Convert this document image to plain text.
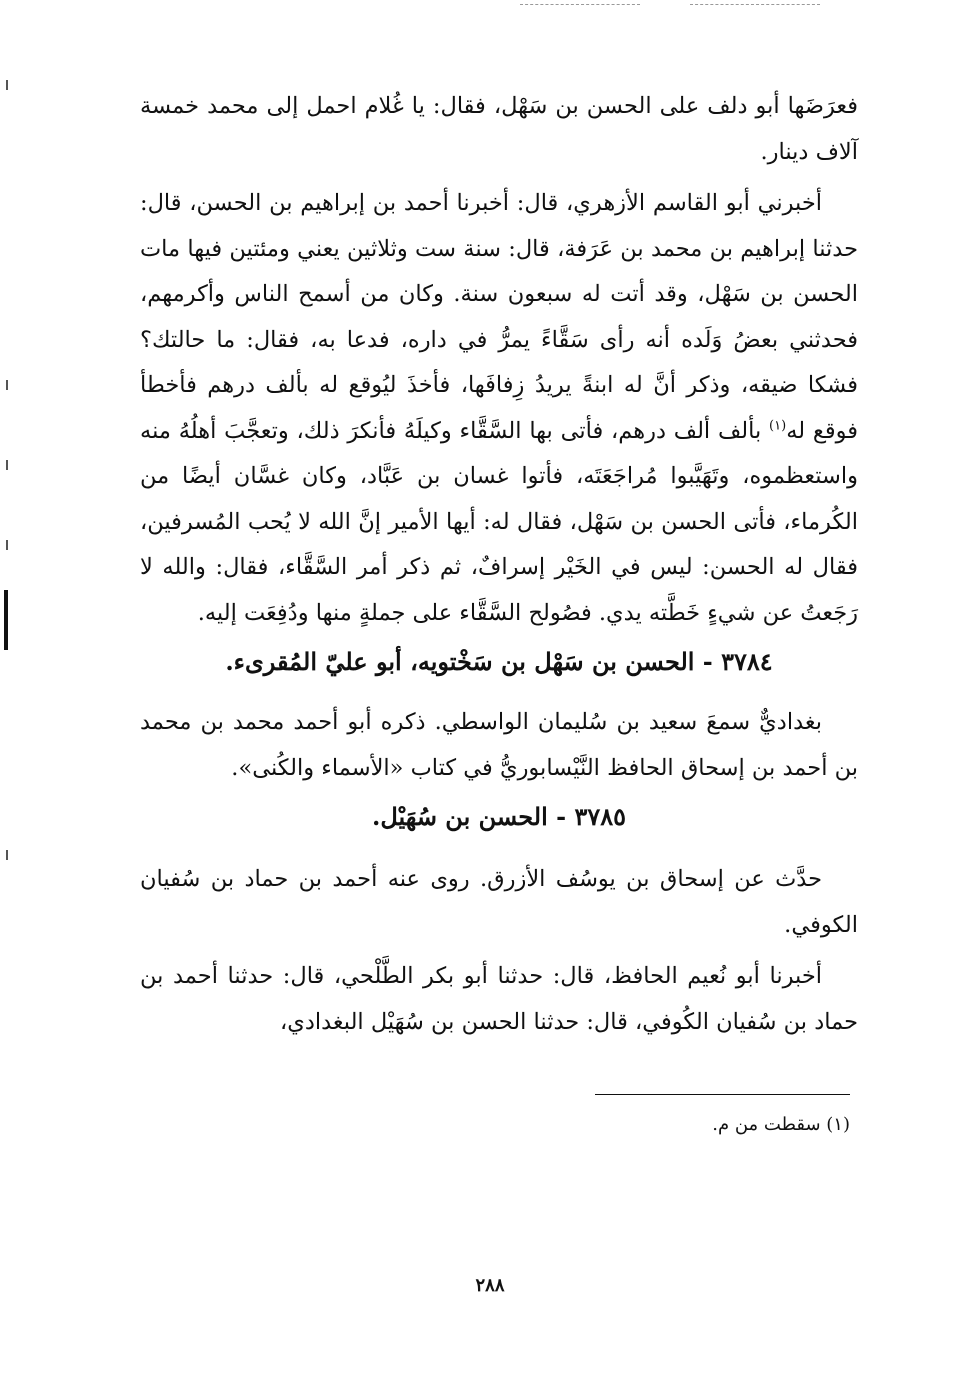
فعرَضَها أبو دلف على الحسن بن سَهْل، فقال: يا غُلام احمل إلى محمد خمسة آلاف دينار.

أخبرني أبو القاسم الأزهري، قال: أخبرنا أحمد بن إبراهيم بن الحسن، قال: حدثنا إبراهيم بن محمد بن عَرَفة، قال: سنة ست وثلاثين يعني ومئتين فيها مات الحسن بن سَهْل، وقد أتت له سبعون سنة. وكان من أسمح الناس وأكرمهم، فحدثني بعضُ وَلَده أنه رأى سَقَّاءً يمرُّ في داره، فدعا به، فقال: ما حالتك؟ فشكا ضيقه، وذكر أنَّ له ابنةً يريدُ زِفافَها، فأخذَ ليُوقع له بألف درهم فأخطأ فوقع له$^{(١)}$ بألف ألف درهم، فأتى بها السَّقَّاء وكيلَهُ فأنكرَ ذلك، وتعجَّبَ أهلُهُ منه واستعظموه، وتَهَيَّبوا مُراجَعَتَه، فأتوا غسان بن عَبَّاد، وكان غسَّان أيضًا من الكُرماء، فأتى الحسن بن سَهْل، فقال له: أيها الأمير إنَّ الله لا يُحب المُسرفين، فقال له الحسن: ليس في الخَيْر إسرافٌ، ثم ذكر أمر السَّقَّاء، فقال: والله لا رَجَعتُ عن شيءٍ خَطَّته يدي. فصُولح السَّقَّاء على جملةٍ منها ودُفِعَت إليه.

٣٧٨٤ - الحسن بن سَهْل بن سَخْتويه، أبو عليّ المُقرىء.

بغداديٌّ سمعَ سعيد بن سُليمان الواسطي. ذكره أبو أحمد محمد بن محمد بن أحمد بن إسحاق الحافظ النَّيْسابوريُّ في كتاب «الأسماء والكُنى».

٣٧٨٥ - الحسن بن سُهَيْل.

حدَّث عن إسحاق بن يوسُف الأزرق. روى عنه أحمد بن حماد بن سُفيان الكوفي.

أخبرنا أبو نُعيم الحافظ، قال: حدثنا أبو بكر الطَّلْحي، قال: حدثنا أحمد بن حماد بن سُفيان الكُوفي، قال: حدثنا الحسن بن سُهَيْل البغدادي،

(١) سقطت من م.
٢٨٨
